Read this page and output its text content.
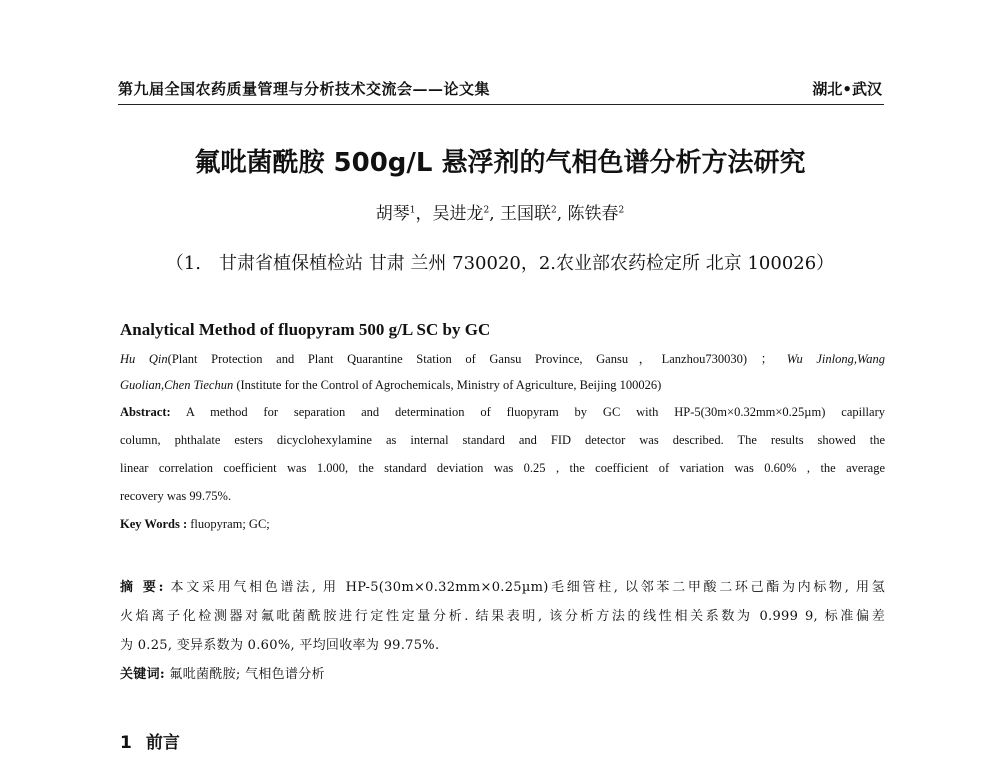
第九届全国农药质量管理与分析技术交流会——论文集	湖北•武汉
氟吡菌酰胺 500g/L 悬浮剂的气相色谱分析方法研究
胡琴$^1$，吴进龙$^2$, 王国联$^2$, 陈铁春$^2$
（1.　甘肃省植保植检站 甘肃 兰州 730020，2.农业部农药检定所 北京 100026）
Analytical Method of fluopyram 500 g/L SC by GC
Hu Qin(Plant Protection and Plant Quarantine Station of Gansu Province, Gansu，Lanzhou730030) ； Wu Jinlong,Wang
Guolian,Chen Tiechun (Institute for the Control of Agrochemicals, Ministry of Agriculture, Beijing 100026)
Abstract: A method for separation and determination of fluopyram by GC with HP-5(30m×0.32mm×0.25µm) capillary
column, phthalate esters dicyclohexylamine as internal standard and FID detector was described. The results showed the
linear correlation coefficient was 1.000, the standard deviation was 0.25 , the coefficient of variation was 0.60% , the average
recovery was 99.75%.
Key Words : fluopyram; GC;
摘 要: 本文采用气相色谱法, 用 HP-5(30m×0.32mm×0.25µm)毛细管柱, 以邻苯二甲酸二环己酯为内标物, 用氢
火焰离子化检测器对氟吡菌酰胺进行定性定量分析. 结果表明, 该分析方法的线性相关系数为 0.999 9, 标准偏差
为 0.25, 变异系数为 0.60%, 平均回收率为 99.75%.
关键词: 氟吡菌酰胺; 气相色谱分析
1 前言
